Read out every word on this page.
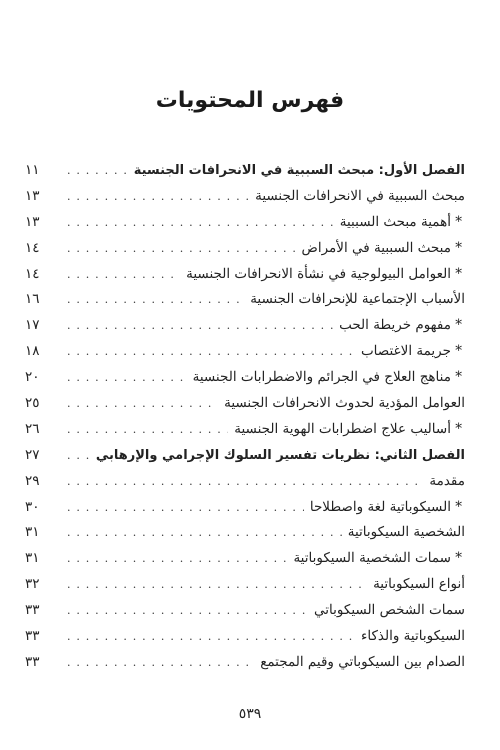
فهرس المحتويات
الفصل الأول: مبحث السببية في الانحرافات الجنسية
. . .
١١
مبحث السببية في الانحرافات الجنسية
. . .
١٣
* أهمية مبحث السببية
. . .
١٣
* مبحث السببية في الأمراض
. . .
١٤
* العوامل البيولوجية في نشأة الانحرافات الجنسية
. . .
١٤
الأسباب الإجتماعية للإنحرافات الجنسية
. . .
١٦
* مفهوم خريطة الحب
. . .
١٧
* جريمة الاغتصاب
. . .
١٨
* مناهج العلاج في الجرائم والاضطرابات الجنسية
. . .
٢٠
العوامل المؤدية لحدوث الانحرافات الجنسية
. . .
٢٥
* أساليب علاج اضطرابات الهوية الجنسية
. . .
٢٦
الفصل الثاني: نظريات تفسير السلوك الإجرامي والإرهابي
. . .
٢٧
مقدمة
. . .
٢٩
* السيكوباتية لغة واصطلاحا
. . .
٣٠
الشخصية السيكوباتية
. . .
٣١
* سمات الشخصية السيكوباتية
. . .
٣١
أنواع السيكوباتية
. . .
٣٢
سمات الشخص السيكوباتي
. . .
٣٣
السيكوباتية والذكاء
. . .
٣٣
الصدام بين السيكوباتي وقيم المجتمع
. . .
٣٣
٥٣٩
